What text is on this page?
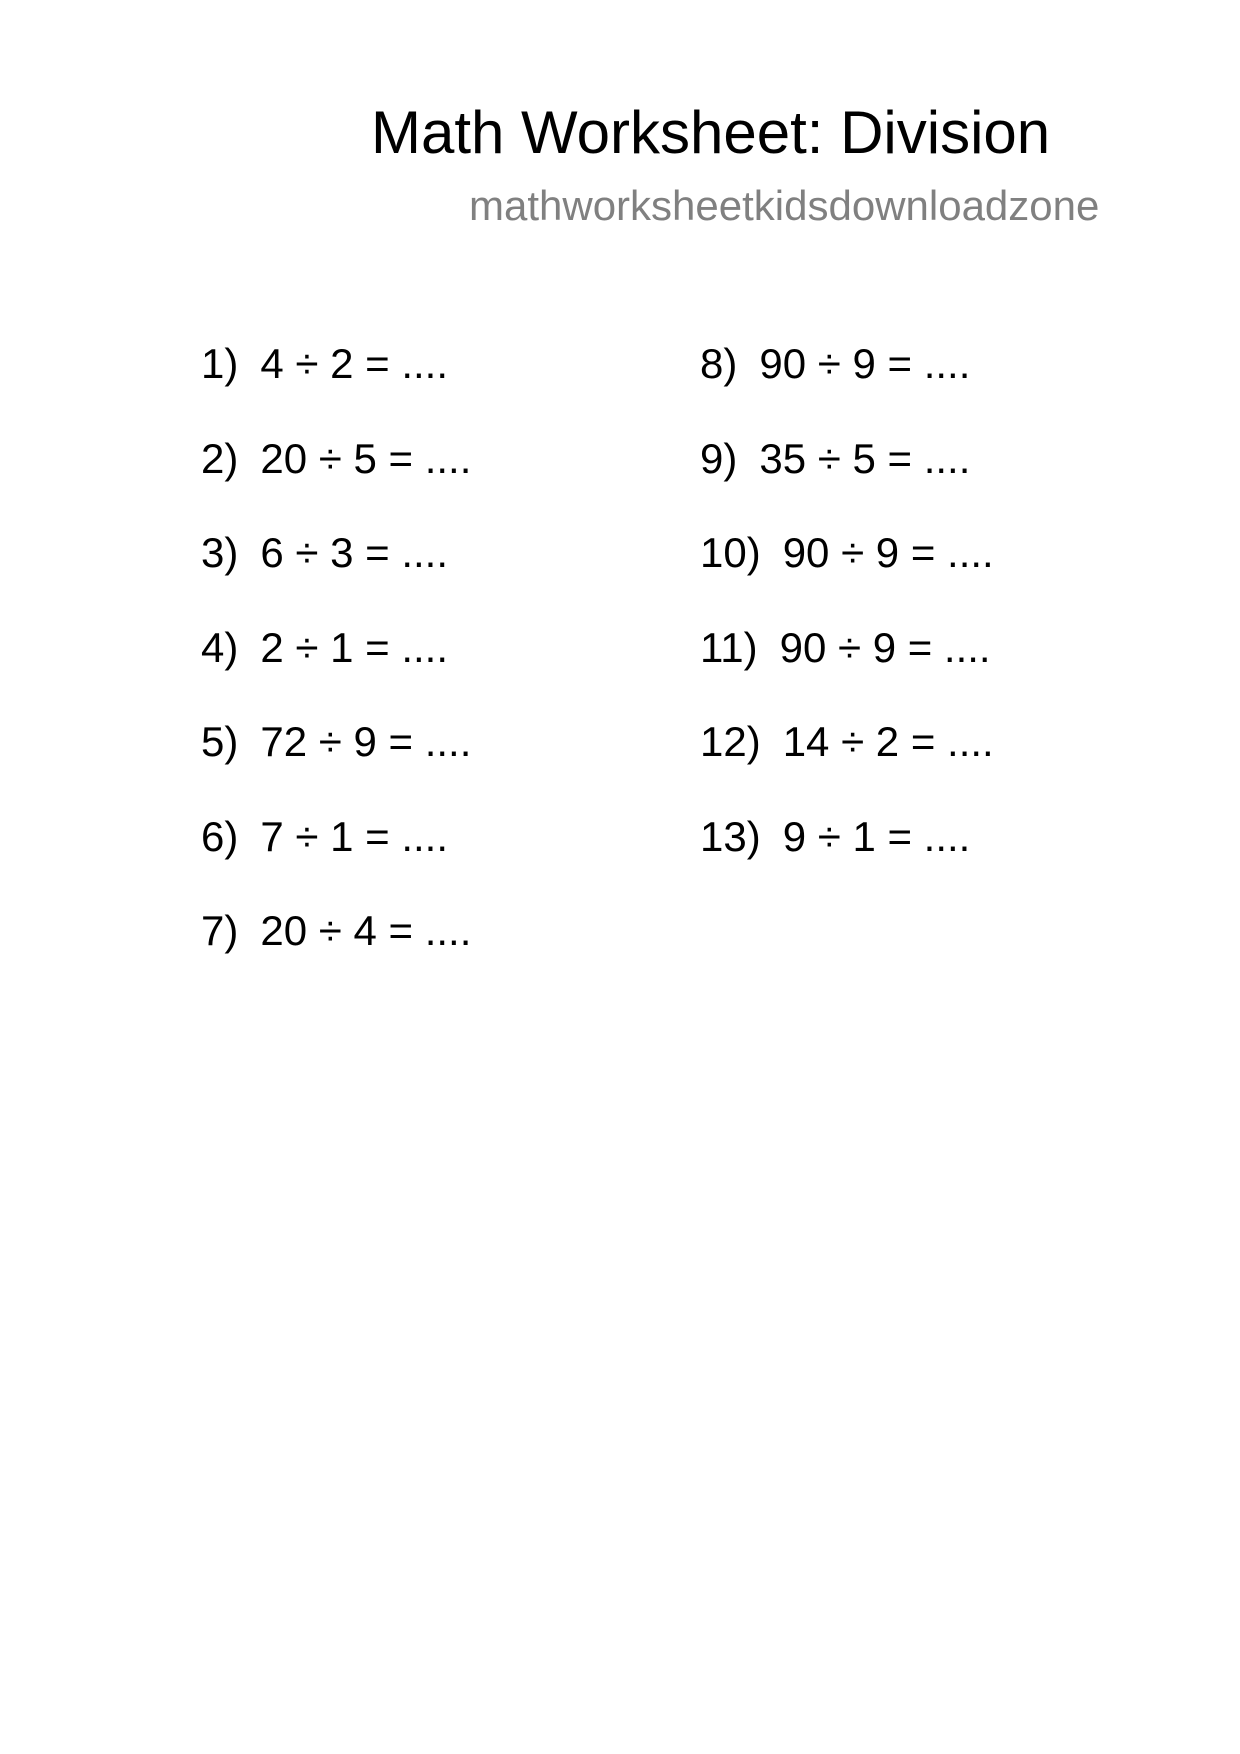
Math Worksheet: Division
mathworksheetkidsdownloadzone
1) 4 ÷ 2 = ....
2) 20 ÷ 5 = ....
3) 6 ÷ 3 = ....
4) 2 ÷ 1 = ....
5) 72 ÷ 9 = ....
6) 7 ÷ 1 = ....
7) 20 ÷ 4 = ....
8) 90 ÷ 9 = ....
9) 35 ÷ 5 = ....
10) 90 ÷ 9 = ....
11) 90 ÷ 9 = ....
12) 14 ÷ 2 = ....
13) 9 ÷ 1 = ....
